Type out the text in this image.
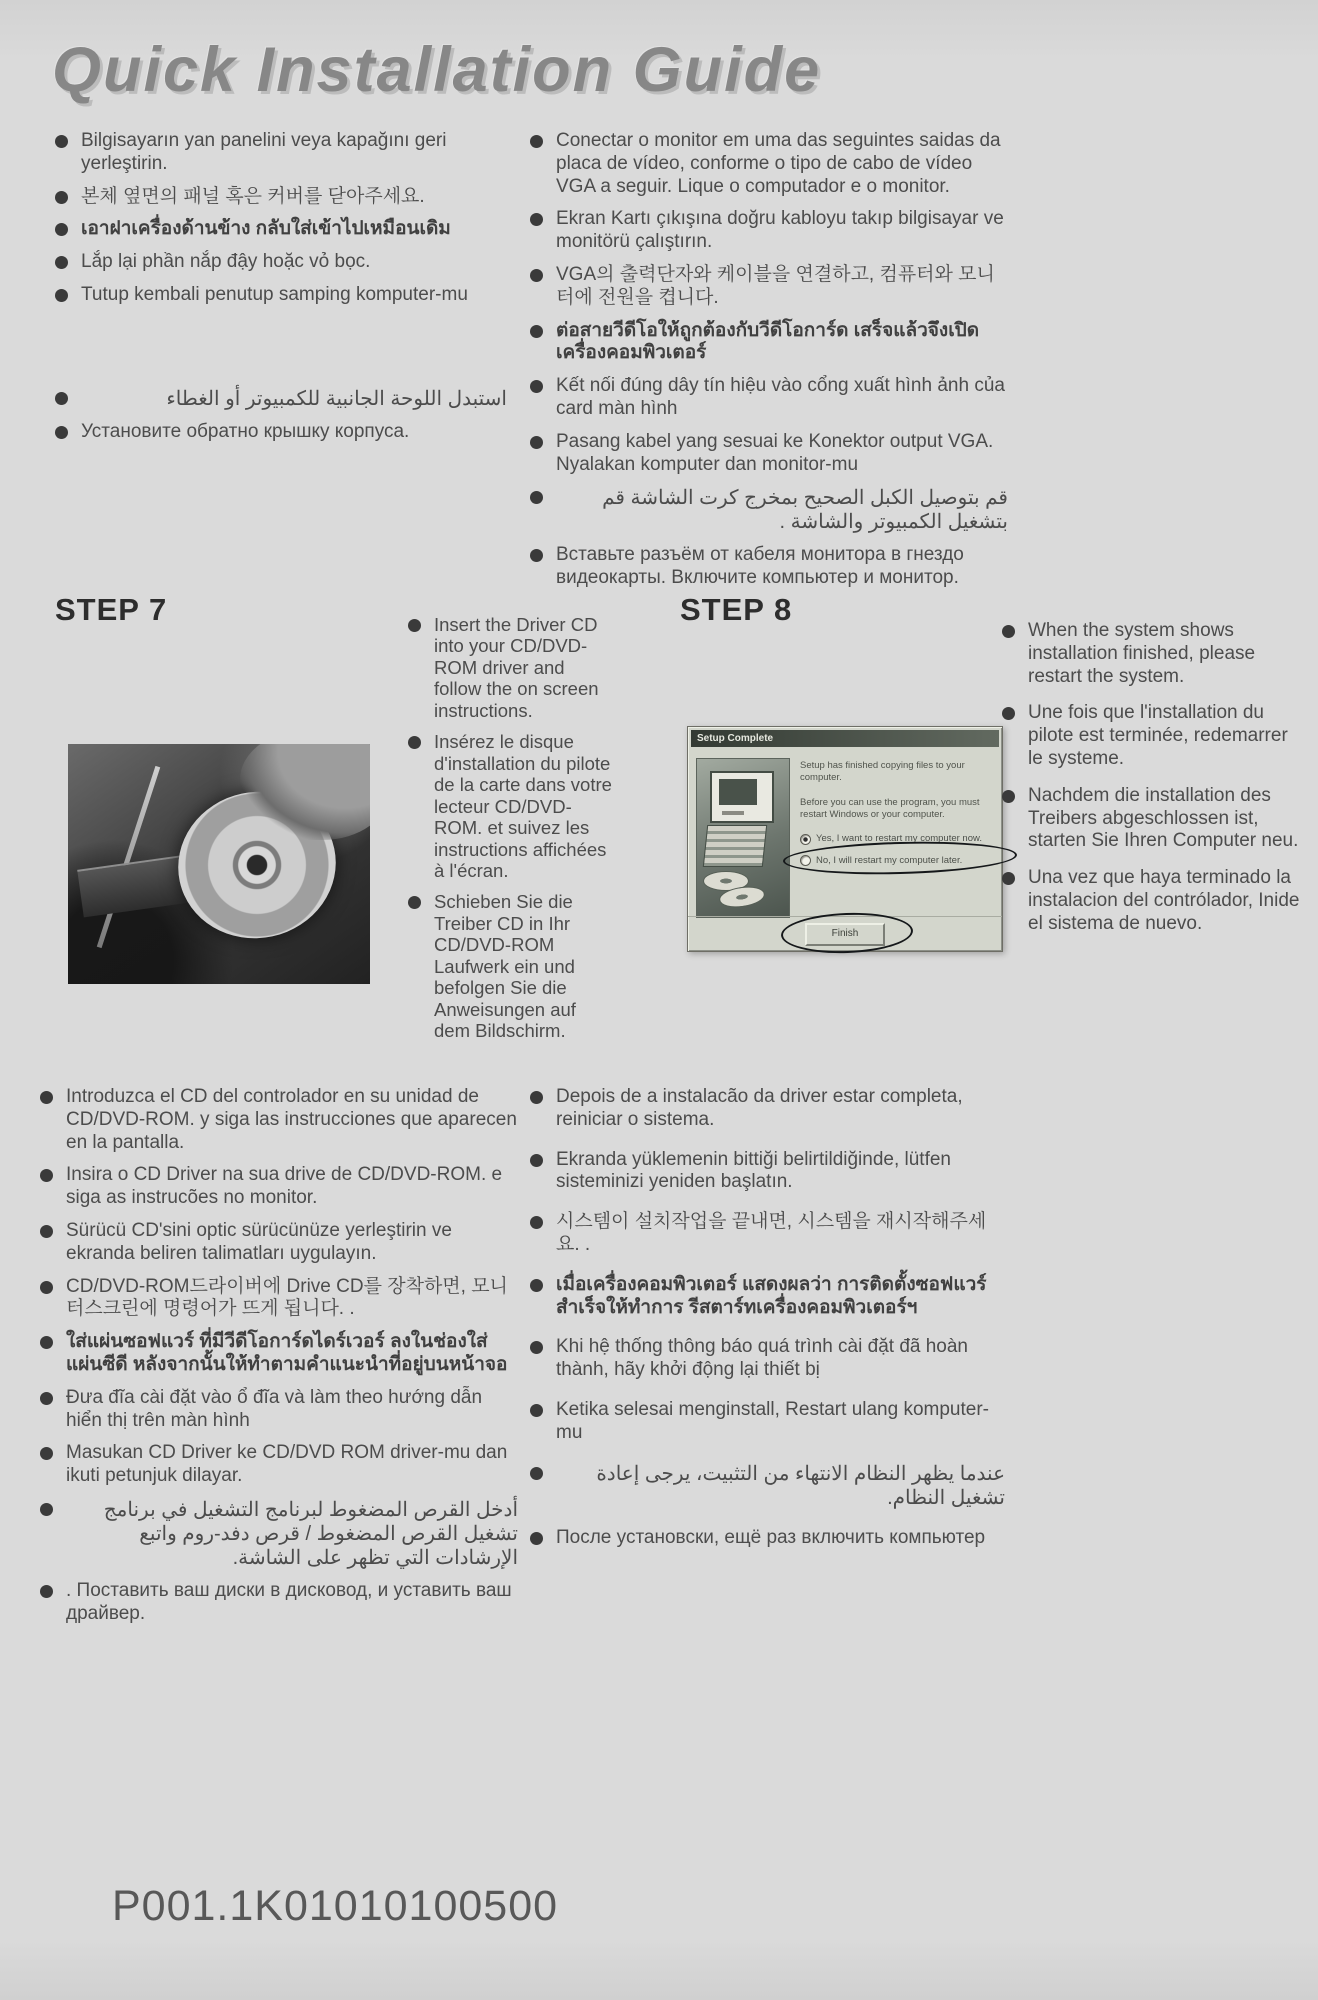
Quick Installation Guide
Bilgisayarın yan panelini veya kapağını geri yerleştirin.
본체 옆면의 패널 혹은 커버를 닫아주세요.
เอาฝาเครื่องด้านข้าง กลับใส่เข้าไปเหมือนเดิม
Lắp lại phần nắp đậy hoặc vỏ bọc.
Tutup kembali penutup samping komputer-mu
استبدل اللوحة الجانبية للكمبيوتر أو الغطاء
Установите обратно крышку корпуса.
Conectar o monitor em uma das seguintes saidas da placa de vídeo, conforme o tipo de cabo de vídeo VGA a seguir. Lique o computador e o monitor.
Ekran Kartı çıkışına doğru kabloyu takıp bilgisayar ve monitörü çalıştırın.
VGA의 출력단자와 케이블을 연결하고, 컴퓨터와 모니터에 전원을 켭니다.
ต่อสายวีดีโอให้ถูกต้องกับวีดีโอการ์ด เสร็จแล้วจึงเปิดเครื่องคอมพิวเตอร์
Kết nối đúng dây tín hiệu vào cổng xuất hình ảnh của card màn hình
Pasang kabel yang sesuai ke Konektor output VGA. Nyalakan komputer dan monitor-mu
قم بتوصيل الكبل الصحيح بمخرج كرت الشاشة قم بتشغيل الكمبيوتر والشاشة .
Вставьте разъём от кабеля монитора в гнездо видеокарты. Включите компьютер и монитор.
STEP 7	STEP 8
Insert the Driver CD into your CD/DVD-ROM driver and follow the on screen instructions.
Insérez le disque d'installation du pilote de la carte dans votre lecteur CD/DVD-ROM. et suivez les instructions affichées à l'écran.
Schieben Sie die Treiber CD in Ihr CD/DVD-ROM Laufwerk ein und befolgen Sie die Anweisungen auf dem Bildschirm.
Setup Complete

Setup has finished copying files to your computer.

Before you can use the program, you must restart Windows or your computer.

Yes, I want to restart my computer now.
No, I will restart my computer later.
Finish
When the system shows installation finished, please restart the system.
Une fois que l'installation du pilote est terminée, redemarrer le systeme.
Nachdem die installation des Treibers abgeschlossen ist, starten Sie Ihren Computer neu.
Una vez que haya terminado la instalacion del contrólador, Inide el sistema de nuevo.
Introduzca el CD del controlador en su unidad de CD/DVD-ROM. y siga las instrucciones que aparecen en la pantalla.
Insira o CD Driver na sua drive de CD/DVD-ROM. e siga as instrucões no monitor.
Sürücü CD'sini optic sürücünüze yerleştirin ve ekranda beliren talimatları uygulayın.
CD/DVD-ROM드라이버에 Drive CD를 장착하면, 모니터스크린에 명령어가 뜨게 됩니다. .
ใส่แผ่นซอฟแวร์ ที่มีวีดีโอการ์ดไดร์เวอร์ ลงในช่องใส่แผ่นซีดี หลังจากนั้นให้ทำตามคำแนะนำที่อยู่บนหน้าจอ
Đưa đĩa cài đặt vào ổ đĩa và làm theo hướng dẫn hiển thị trên màn hình
Masukan CD Driver ke CD/DVD ROM driver-mu dan ikuti petunjuk dilayar.
أدخل القرص المضغوط لبرنامج التشغيل في برنامج تشغيل القرص المضغوط / قرص دفد-روم واتبع الإرشادات التي تظهر على الشاشة.
. Поставить ваш диски в дисковод, и уставить ваш драйвер.
Depois de a instalacão da driver estar completa, reiniciar o sistema.
Ekranda yüklemenin bittiği belirtildiğinde, lütfen sisteminizi yeniden başlatın.
시스템이 설치작업을 끝내면, 시스템을 재시작해주세요. .
เมื่อเครื่องคอมพิวเตอร์ แสดงผลว่า การติดตั้งซอฟแวร์ สำเร็จให้ทำการ รีสตาร์ทเครื่องคอมพิวเตอร์ฯ
Khi hệ thống thông báo quá trình cài đặt đã hoàn thành, hãy khởi động lại thiết bị
Ketika selesai menginstall, Restart ulang komputer-mu
عندما يظهر النظام الانتهاء من التثبيت، يرجى إعادة تشغيل النظام.
После установски, ещё раз включить компьютер
P001.1K01010100500
